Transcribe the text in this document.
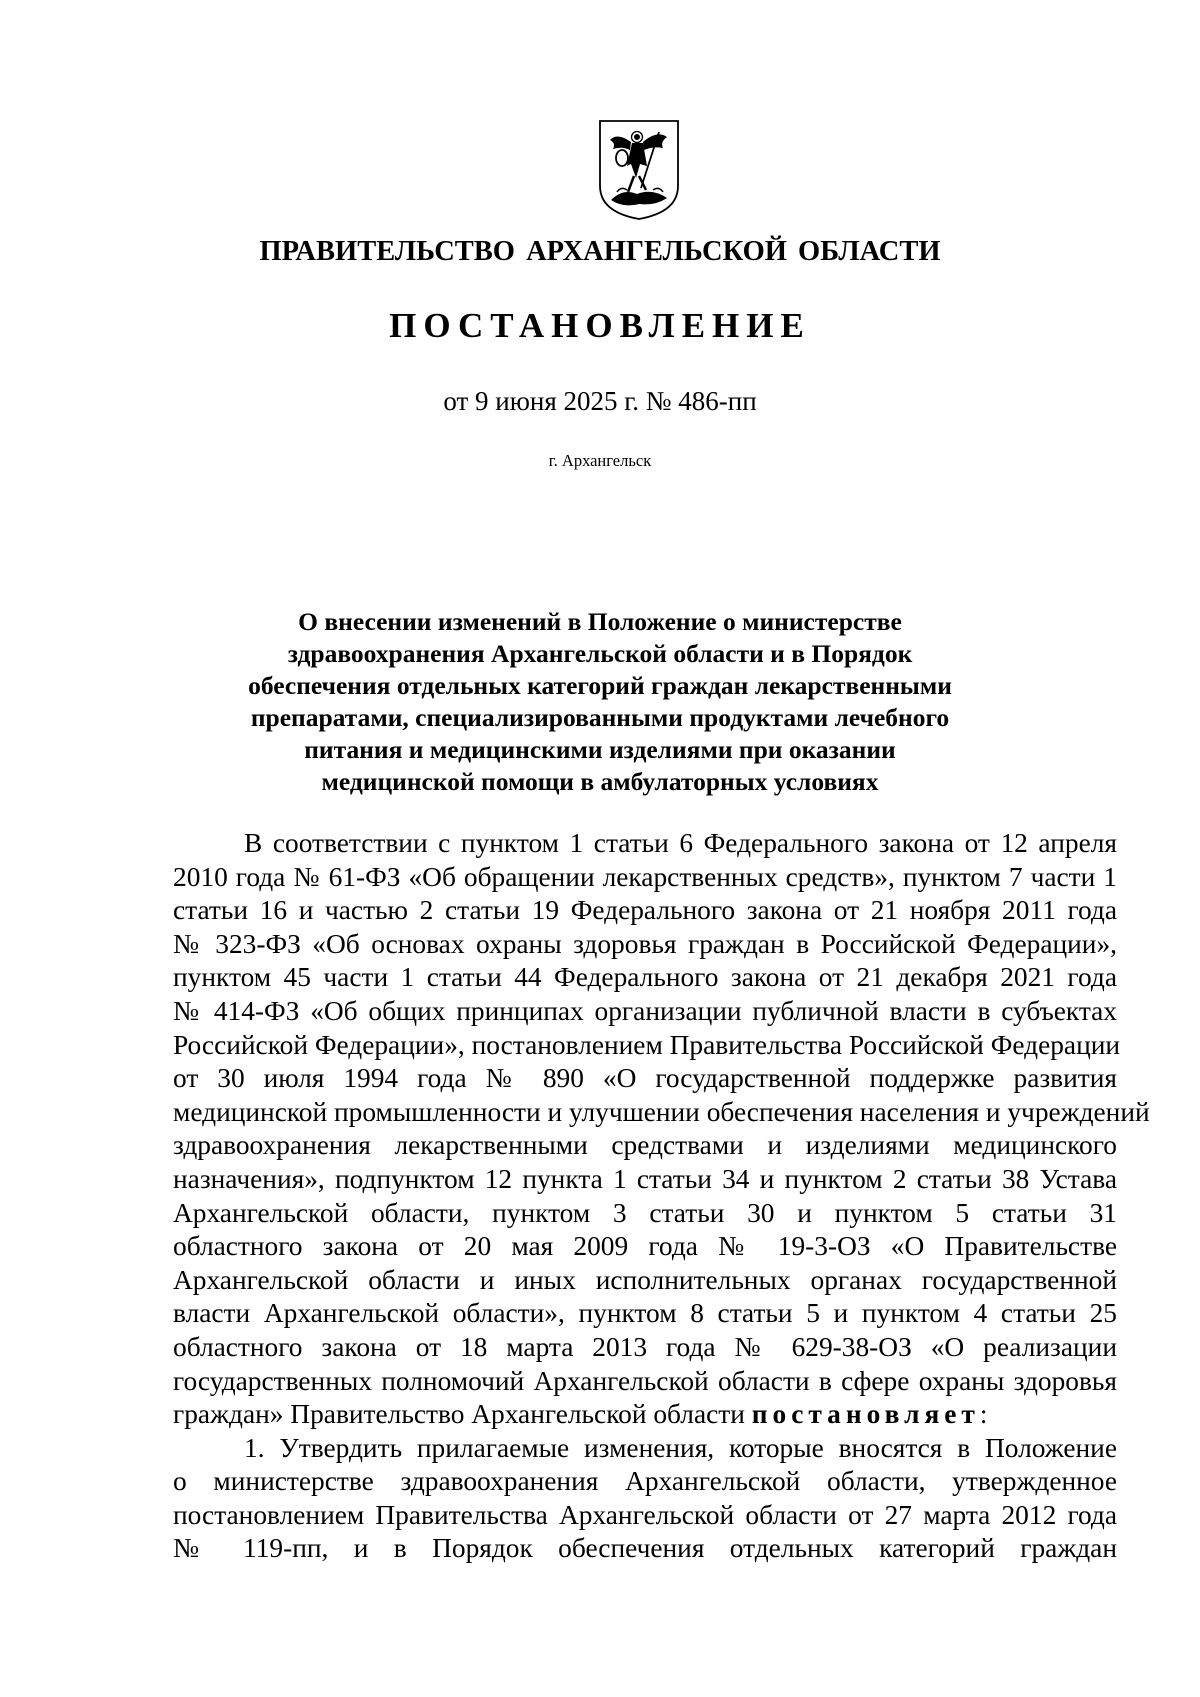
ПРАВИТЕЛЬСТВО АРХАНГЕЛЬСКОЙ ОБЛАСТИ
ПОСТАНОВЛЕНИЕ
от 9 июня 2025 г. № 486-пп
г. Архангельск
О внесении изменений в Положение о министерстве
здравоохранения Архангельской области и в Порядок
обеспечения отдельных категорий граждан лекарственными
препаратами, специализированными продуктами лечебного
питания и медицинскими изделиями при оказании
медицинской помощи в амбулаторных условиях
В соответствии с пунктом 1 статьи 6 Федерального закона от 12 апреля
2010 года № 61-ФЗ «Об обращении лекарственных средств», пунктом 7 части 1
статьи 16 и частью 2 статьи 19 Федерального закона от 21 ноября 2011 года
№ 323-ФЗ «Об основах охраны здоровья граждан в Российской Федерации»,
пунктом 45 части 1 статьи 44 Федерального закона от 21 декабря 2021 года
№ 414-ФЗ «Об общих принципах организации публичной власти в субъектах
Российской Федерации», постановлением Правительства Российской Федерации
от 30 июля 1994 года № 890 «О государственной поддержке развития
медицинской промышленности и улучшении обеспечения населения и учреждений
здравоохранения лекарственными средствами и изделиями медицинского
назначения», подпунктом 12 пункта 1 статьи 34 и пунктом 2 статьи 38 Устава
Архангельской области, пунктом 3 статьи 30 и пунктом 5 статьи 31
областного закона от 20 мая 2009 года № 19-3-ОЗ «О Правительстве
Архангельской области и иных исполнительных органах государственной
власти Архангельской области», пунктом 8 статьи 5 и пунктом 4 статьи 25
областного закона от 18 марта 2013 года № 629-38-ОЗ «О реализации
государственных полномочий Архангельской области в сфере охраны здоровья
граждан» Правительство Архангельской области постановляет:
1. Утвердить прилагаемые изменения, которые вносятся в Положение
о министерстве здравоохранения Архангельской области, утвержденное
постановлением Правительства Архангельской области от 27 марта 2012 года
№ 119-пп, и в Порядок обеспечения отдельных категорий граждан
